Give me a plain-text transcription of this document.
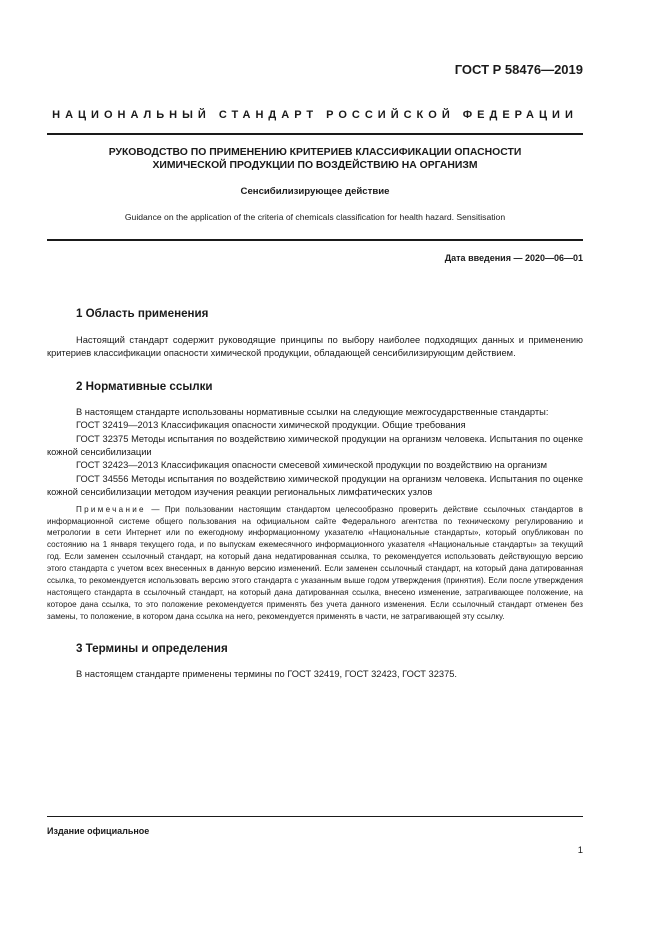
ГОСТ Р 58476—2019
НАЦИОНАЛЬНЫЙ СТАНДАРТ РОССИЙСКОЙ ФЕДЕРАЦИИ
РУКОВОДСТВО ПО ПРИМЕНЕНИЮ КРИТЕРИЕВ КЛАССИФИКАЦИИ ОПАСНОСТИ
ХИМИЧЕСКОЙ ПРОДУКЦИИ ПО ВОЗДЕЙСТВИЮ НА ОРГАНИЗМ
Сенсибилизирующее действие
Guidance on the application of the criteria of chemicals classification for health hazard. Sensitisation
Дата введения — 2020—06—01
1 Область применения

Настоящий стандарт содержит руководящие принципы по выбору наиболее подходящих данных и применению критериев классификации опасности химической продукции, обладающей сенсибилизирующим действием.

2 Нормативные ссылки

В настоящем стандарте использованы нормативные ссылки на следующие межгосударственные стандарты:

ГОСТ 32419—2013 Классификация опасности химической продукции. Общие требования

ГОСТ 32375 Методы испытания по воздействию химической продукции на организм человека. Испытания по оценке кожной сенсибилизации

ГОСТ 32423—2013 Классификация опасности смесевой химической продукции по воздействию на организм

ГОСТ 34556 Методы испытания по воздействию химической продукции на организм человека. Испытания по оценке кожной сенсибилизации методом изучения реакции региональных лимфатических узлов

Примечание — При пользовании настоящим стандартом целесообразно проверить действие ссылочных стандартов в информационной системе общего пользования на официальном сайте Федерального агентства по техническому регулированию и метрологии в сети Интернет или по ежегодному информационному указателю «Национальные стандарты», который опубликован по состоянию на 1 января текущего года, и по выпускам ежемесячного информационного указателя «Национальные стандарты» за текущий год. Если заменен ссылочный стандарт, на который дана недатированная ссылка, то рекомендуется использовать действующую версию этого стандарта с учетом всех внесенных в данную версию изменений. Если заменен ссылочный стандарт, на который дана датированная ссылка, то рекомендуется использовать версию этого стандарта с указанным выше годом утверждения (принятия). Если после утверждения настоящего стандарта в ссылочный стандарт, на который дана датированная ссылка, внесено изменение, затрагивающее положение, на которое дана ссылка, то это положение рекомендуется применять без учета данного изменения. Если ссылочный стандарт отменен без замены, то положение, в котором дана ссылка на него, рекомендуется применять в части, не затрагивающей эту ссылку.

3 Термины и определения

В настоящем стандарте применены термины по ГОСТ 32419, ГОСТ 32423, ГОСТ 32375.

Издание официальное
1
